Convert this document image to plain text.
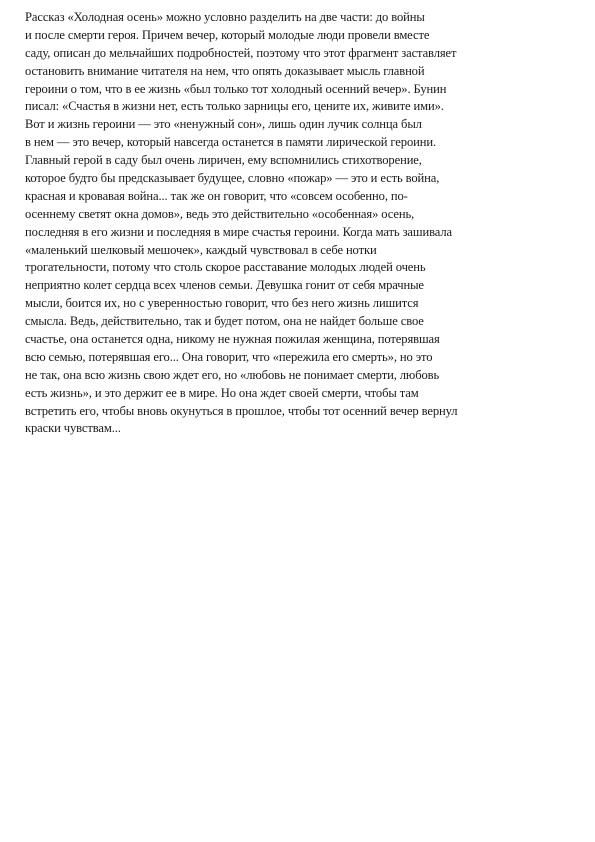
Рассказ «Холодная осень» можно условно разделить на две части: до войны
и после смерти героя. Причем вечер, который молодые люди провели вместе
саду, описан до мельчайших подробностей, поэтому что этот фрагмент заставляет
остановить внимание читателя на нем, что опять доказывает мысль главной
героини о том, что в ее жизнь «был только тот холодный осенний вечер». Бунин
писал: «Счастья в жизни нет, есть только зарницы его, цените их, живите ими».
Вот и жизнь героини — это «ненужный сон», лишь один лучик солнца был
в нем — это вечер, который навсегда останется в памяти лирической героини.
Главный герой в саду был очень лиричен, ему вспомнились стихотворение,
которое будто бы предсказывает будущее, словно «пожар» — это и есть война,
красная и кровавая война... так же он говорит, что «совсем особенно, по-
осеннему светят окна домов», ведь это действительно «особенная» осень,
последняя в его жизни и последняя в мире счастья героини. Когда мать зашивала
«маленький шелковый мешочек», каждый чувствовал в себе нотки
трогательности, потому что столь скорое расставание молодых людей очень
неприятно колет сердца всех членов семьи. Девушка гонит от себя мрачные
мысли, боится их, но с уверенностью говорит, что без него жизнь лишится
смысла. Ведь, действительно, так и будет потом, она не найдет больше свое
счастье, она останется одна, никому не нужная пожилая женщина, потерявшая
всю семью, потерявшая его... Она говорит, что «пережила его смерть», но это
не так, она всю жизнь свою ждет его, но «любовь не понимает смерти, любовь
есть жизнь», и это держит ее в мире. Но она ждет своей смерти, чтобы там
встретить его, чтобы вновь окунуться в прошлое, чтобы тот осенний вечер вернул
краски чувствам...
